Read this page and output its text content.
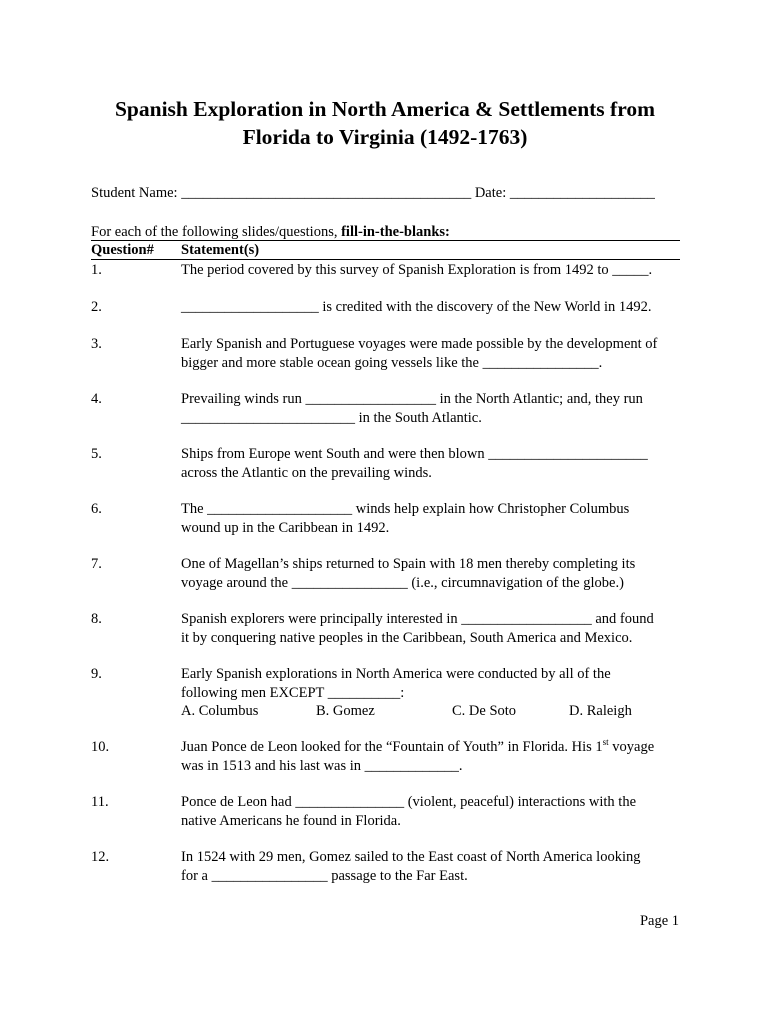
Spanish Exploration in North America & Settlements from
Florida to Virginia (1492-1763)
Student Name: ________________________________________ Date: ____________________
For each of the following slides/questions, fill-in-the-blanks:
Question# Statement(s)
1.	The period covered by this survey of Spanish Exploration is from 1492 to _____.
2.	___________________ is credited with the discovery of the New World in 1492.
3.	Early Spanish and Portuguese voyages were made possible by the development of
bigger and more stable ocean going vessels like the ________________.
4.	Prevailing winds run __________________ in the North Atlantic; and, they run
________________________ in the South Atlantic.
5.	Ships from Europe went South and were then blown ______________________
across the Atlantic on the prevailing winds.
6.	The ____________________ winds help explain how Christopher Columbus
wound up in the Caribbean in 1492.
7.	One of Magellan’s ships returned to Spain with 18 men thereby completing its
voyage around the ________________ (i.e., circumnavigation of the globe.)
8.	Spanish explorers were principally interested in __________________ and found
it by conquering native peoples in the Caribbean, South America and Mexico.
9.	Early Spanish explorations in North America were conducted by all of the
following men EXCEPT __________:
A. Columbus	B. Gomez	C. De Soto	D. Raleigh
10.	Juan Ponce de Leon looked for the “Fountain of Youth” in Florida. His 1st voyage
was in 1513 and his last was in _____________.
11.	Ponce de Leon had _______________ (violent, peaceful) interactions with the
native Americans he found in Florida.
12.	In 1524 with 29 men, Gomez sailed to the East coast of North America looking
for a ________________ passage to the Far East.
Page 1
